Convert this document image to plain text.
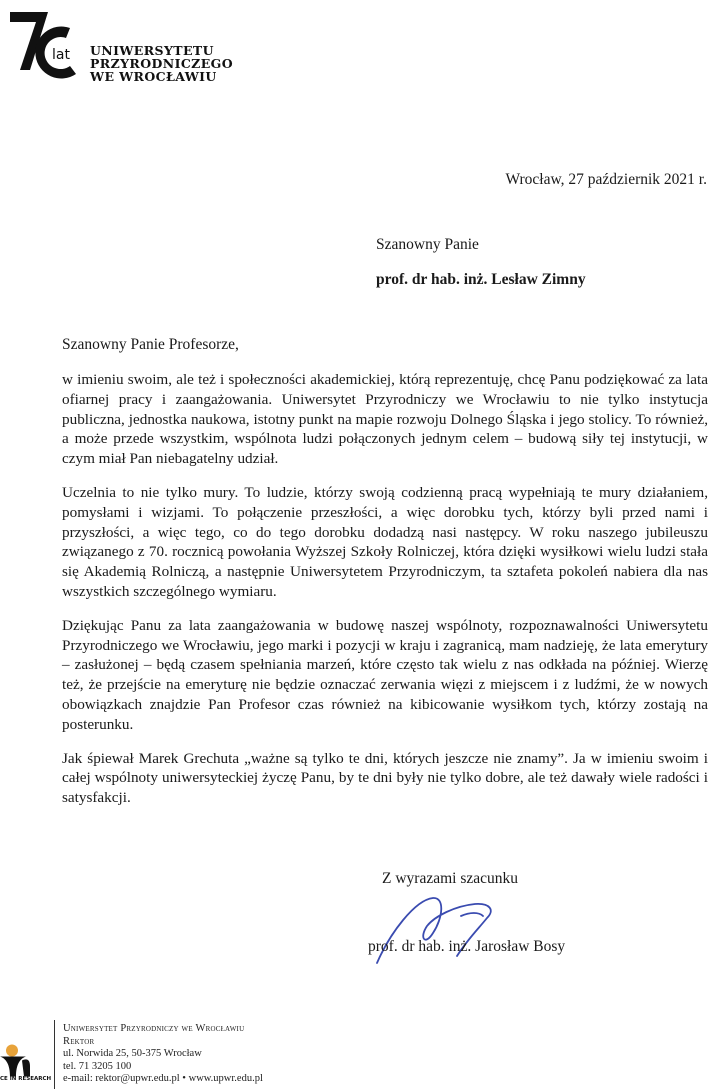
lat UNIWERSYTETU
PRZYRODNICZEGO
WE WROCŁAWIU
Wrocław, 27 październik 2021 r.
Szanowny Panie
prof. dr hab. inż. Lesław Zimny
Szanowny Panie Profesorze,

w imieniu swoim, ale też i społeczności akademickiej, którą reprezentuję, chcę Panu podziękować za lata ofiarnej pracy i zaangażowania. Uniwersytet Przyrodniczy we Wrocławiu to nie tylko instytucja publiczna, jednostka naukowa, istotny punkt na mapie rozwoju Dolnego Śląska i jego stolicy. To również, a może przede wszystkim, wspólnota ludzi połączonych jednym celem – budową siły tej instytucji, w czym miał Pan niebagatelny udział.

Uczelnia to nie tylko mury. To ludzie, którzy swoją codzienną pracą wypełniają te mury działaniem, pomysłami i wizjami. To połączenie przeszłości, a więc dorobku tych, którzy byli przed nami i przyszłości, a więc tego, co do tego dorobku dodadzą nasi następcy. W roku naszego jubileuszu związanego z 70. rocznicą powołania Wyższej Szkoły Rolniczej, która dzięki wysiłkowi wielu ludzi stała się Akademią Rolniczą, a następnie Uniwersytetem Przyrodniczym, ta sztafeta pokoleń nabiera dla nas wszystkich szczególnego wymiaru.

Dziękując Panu za lata zaangażowania w budowę naszej wspólnoty, rozpoznawalności Uniwersytetu Przyrodniczego we Wrocławiu, jego marki i pozycji w kraju i zagranicą, mam nadzieję, że lata emerytury – zasłużonej – będą czasem spełniania marzeń, które często tak wielu z nas odkłada na później. Wierzę też, że przejście na emeryturę nie będzie oznaczać zerwania więzi z miejscem i z ludźmi, że w nowych obowiązkach znajdzie Pan Profesor czas również na kibicowanie wysiłkom tych, którzy zostają na posterunku.

Jak śpiewał Marek Grechuta „ważne są tylko te dni, których jeszcze nie znamy”. Ja w imieniu swoim i całej wspólnoty uniwersyteckiej życzę Panu, by te dni były nie tylko dobre, ale też dawały wiele radości i satysfakcji.

Z wyrazami szacunku
prof. dr hab. inż. Jarosław Bosy
CE IN RESEARCH
Uniwersytet Przyrodniczy we Wrocławiu
Rektor
ul. Norwida 25, 50-375 Wrocław
tel. 71 3205 100
e-mail: rektor@upwr.edu.pl • www.upwr.edu.pl
